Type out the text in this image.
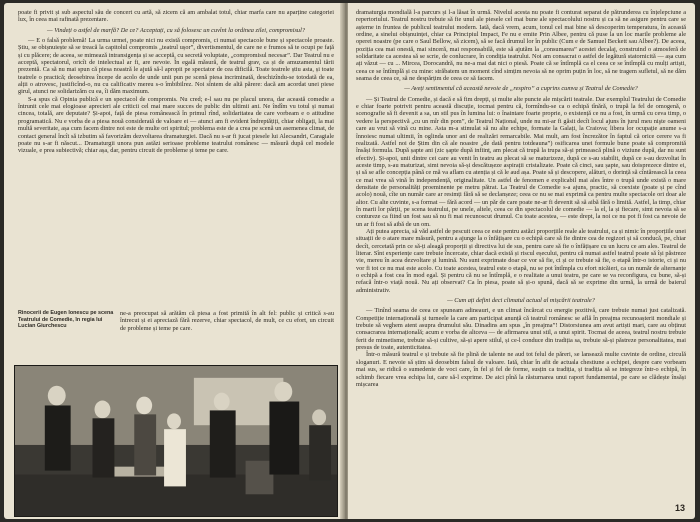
poate fi privit și sub aspectul său de concert cu artă, să zicem că am ambalat totul, chiar marfa care nu aparține categoriei lux, în ceea mai rafinată prezentare.

— Vindeți o astfel de marfă? De ce? Acceptați, cu să folosesc un cuvînt la ordinea zilei, compromisul?

— E o falsă problemă! La urma urmei, poate nici nu există compromis, ci numai spectacole bune și spectacole proaste. Știu, se obișnuiește să se treacă la capitolul compromis „teatrul ușor”, divertismentul, de care ne e frumos să te ocupi pe față și cu plăcere; de aceea, se mimează intransigența și se acceptă, cu secretă voluptate, „compromisul necesar”. Dar Teatrul nu e acceptă, spectatorul, oricît de intelectual ar fi, are nevoie. În egală măsură, de teatrul grav, ca și de amuzamentul tării prezentă. Ca să nu mai spun că piesa noastră le ajută să-l apropii pe spectator de cea dificilă. Toate teatrele știu asta, și toate teatrele o practică; deosebirea începe de acolo de unde unii pun pe scenă piesa incriminată, deschizîndu-se totodată de ea, alții o atrovesc, justificînd-o, nu cu calificativ mereu s-o îmbibilrez. Noi sîntem de altă părere: dacă am acordat unei piese girul, atunci ne solidarizăm cu ea, îi dăm maximum.

S-a spus că Opinia publică e un spectacol de compromis. Nu cred; e-l sau nu pe placul unora, dar această comedie a întrunit cele mai elogioase aprecieri ale criticii cel mai mare succes de public din ultimii ani. Ne îndîm vu totul și numai cincea, totală, are deputate? Și-apoi, față de piesa românească în primul rînd, solidaritatea de care vorbeam e o atitudine programatică. Nu e vorba de a piesa nouă considerată de valoare ei — atunci am fi evident îndreptățiți, chiar obligați, la mai multă severitate, așa cum facem dintre noi este de multe ori spiritul; problema este de a crea pe scenă un asemenea climat, de contact general încît să izbutim să favorizăm dezvoltarea dramaturgiei. Dacă nu s-ar fi jucat piesele lui Alecsandri, Caragiale poate nu s-ar fi născut... Dramaturgii unora pun astăzi serioase probleme teatrului românesc — măsură după cel modele vizuale, e prea subiectivă; chiar așa, dar, pentru circuit de probleme și teme pe care.

Rinocerii de Eugen Ionescu pe scena Teatrului de Comedie, în regia lui Lucian Giurchescu
ne-a preocupat să arătăm că piesa a fost primită în alt fel: public și critică s-au întrecut și ei apreciază fără rezerve, chiar spectacol, de mult, ce cu efort, un circuit de probleme și teme pe care.

dramaturgia mondială l-a parcurs și l-a lăsat în urmă. Nivelul acesta nu poate fi conturat separat de pătrunderea cu înțelepciune a repertoriului. Teatrul nostru trebuie să fie unul ale piesele cel mai bune ale spectacolului nostru și ca să ne asigure pentru care se așterne in fruntea de publicul teatrului modern. Iată, dacă vrem, acum, tonul cel mai bine să descoperim temperatura, în această ordine, a sinelui obișnuinței, chiar ca Principiul Impact, Fe nu e emite Prin Albee, pentru că puse la un loc marile probleme ale operei noastre (pe care o Saul Bellow, să zicem), să se facă drumul lor în public (Cum e de Samuel Beckett sau Albee?). De aceea, poziția cea mai onestă, mai sinceră, mai responsabilă, este să ajutăm la „consumarea” acestei decalaj, construind o atmosferă de solidaritate ca acestea să se scrie, de conlucrare, în condiția teatrului. Noi am consacrat o astfel de legătură statornicită — așa cum ați văzut — cu ... Mircea, Dorocandră, nu ne-a mai dat nici o piesă. Poate că se întîmplă ca el ceea ce se întîmplă cu mulți artiști, ceea ce se întîmplă și cu mine: străbatem un moment cînd simțim nevoia să ne oprim puțin în loc, să ne tragem sufletul, să ne dăm seama de ceea ce, să ne despărțim de ceea ce să facem.

— Aveți sentimentul că această nevoie de „respiro” a cuprins cumva și Teatrul de Comedie?

— Și Teatrul de Comedie, și dacă e să fim drepți, și multe alte puncte ale mișcării teatrale. Dar exemplul Teatrului de Comedie e chiar foarte potrivit pentru această discuție, tocmai pentru că, formîndu-se ca o echipă tînără, o trupă la fel de omogenă, o scenografie să fi devenit a sa, un stil pus în lumina lui: o înaintare foarte proprie, o existență ce nu a fost, în urmă cu ceva timp, o vedere la perspectivă „cu un mîr din pom”, de Teatrul Național, unde nu mi-ar fi găsit decît locul ajuns în jurul meu nişte oameni care au vrut să vină cu mine. Asta m-a stimulat să nu alte echipe, formate la Galați, la Craiova; libera lor ocupație anume s-a înnoiesc numai ultimii, în oglinda unor ani de realizări remarcabile. Mai mult, am fost încrezător în faptul că orice cerere va fi realizată. Astfel noi de Știm din că ale noastre „de dată pentru totdeauna”) osificarea unei formule bune poate să compromită însăși formula. După șapte ani (zic șapte după inființ, am plecat că trupă la trupa să-și primească plină o viziune după, dar nu sunt efectiv). Și-apoi, unii dintre cei care au venit în teatru au plecat să se maturizeze, după ce s-au stabilit, după ce s-au dezvoltat în aceste timp, s-au maturizat, simt nevoia să-și descătușeze aspirații cristalizate. Poate că cinci, sau șapte, sau doisprezece dintre ei, și să se afle concepția până ce mă va aflam cu atenția și că le aud așa. Poate să și descopere, alături, o dorință să cîntărească la ceea ce mai vrea să vină în independență, originalitate. Un astfel de fenomen e explicabil mai ales între o trupă unde există o mare densitate de personalități proeminente pe metru pătrat. La Teatrul de Comedie s-a ajuns, practic, să coexiste (poate și pe cînd acolo) nouă, cîte un număr care ar resimți fără să se declanșeze; ceea ce nu se mai exprimă ca pentru multe spectacole ori doar ale altor. Cu alte cuvinte, s-a format — fără acord — un păr de care poate ne-ar fi devenit să să aibă fără o limită. Astfel, la timp, chiar în marii lor părții, pe scena teatrului, pe unele, altele, ceea ce din spectacolul de comedie — la el, la și fiecare, simt nevoia să se contureze ca fiind un fost sau să nu fi mai recunoscut drumul. Cu toate acestea, — este drept, la noi ce nu pot fi fost ca nevoie de un ar fi fost să aibă de un om.

Ați putea aprecia, să văd astfel de pescuit ceea ce este pentru astăzi proporțiile reale ale teatrului, ca și nimic în proporțiile unei situații de o atare mare măsură, pentru a ajunge la o înfățișare cu o echipă care să fie dintre cea de regizori și să conducă, pe, chiar decît, cercetată prin ce să-ți aleagă proporții și directiva lui de sus, pentru care să fie o înfățișare cu un lucru ce am ales. Teatrul de literar. Sînt experiențe care trebuie încercate, chiar dacă există și riscul eșecului, pentru că numai astfel teatrul poate să își păstreze vie, mereu în acea dezvoltare și lumină. Nu sunt exprimate doar ce vor să fie, ci și ce trebuie să fie, o etapă într-o istorie, ci și nu vor fi tot ce nu mai este acolo. Cu toate acestea, teatrul este o etapă, nu se pot întîmpla cu efort nicăieri, ca un număr de alternanțe o echipă a fost cea în mod egal. Și pentru că nu se întîmplă, e o realitate a unui teatru, pe care se va reconfigura, cu bune, să-și refacă într-o viață nouă. Nu ați observat? Ca în piesa, poate să și-o spună, dacă să se exprime din urmă, la urmă de baierul administrativ.

— Cum ați defini deci climatul actual al mișcării teatrale?

— Tinînd seama de ceea ce spuneam adineauri, e un climat încărcat cu energie pozitivă, care trebuie numai just catalizată. Competiție internațională și turneele la care am participat anunță că teatrul românesc se află în preajma recunoașterii mondiale și trebuie să veghem atent asupra drumului său. Dinadins am spus „în preajma”! Distorsiunea am avut artiști mari, care au obținut consacrarea internațională; acum e vorba de altceva — de afirmarea unui stil, a unui spirit. Tocmai de aceea, teatrul nostru trebuie ferit de mimetisme, trebuie să-și cultive, să-și apere stilul, și ce-l conduce din tradiția sa, trebuie să-și păstreze personalitatea, mai presus de toate, autenticitatea.

Într-o măsură teatrul e și trebuie să fie plină de talente ne aud tot felul de păreri, se lansează multe cuvinte de ordine, circulă sloganuri. E nevoie să știm să deosebim falsul de valoare. Iată, chiar în afit de actuala chestiune a echipei, despre care vorbeam mai sus, se ridică o sumedenie de voci care, în fel și fel de forme, susțin ca tradiția, și tradiția să se integreze într-o echipă, în schimb fiecare vrea echipa lui, care să-l exprime. De aici pînă la răsturnarea unui raport fundamental, pe care se clădește însăși mișcarea

13
